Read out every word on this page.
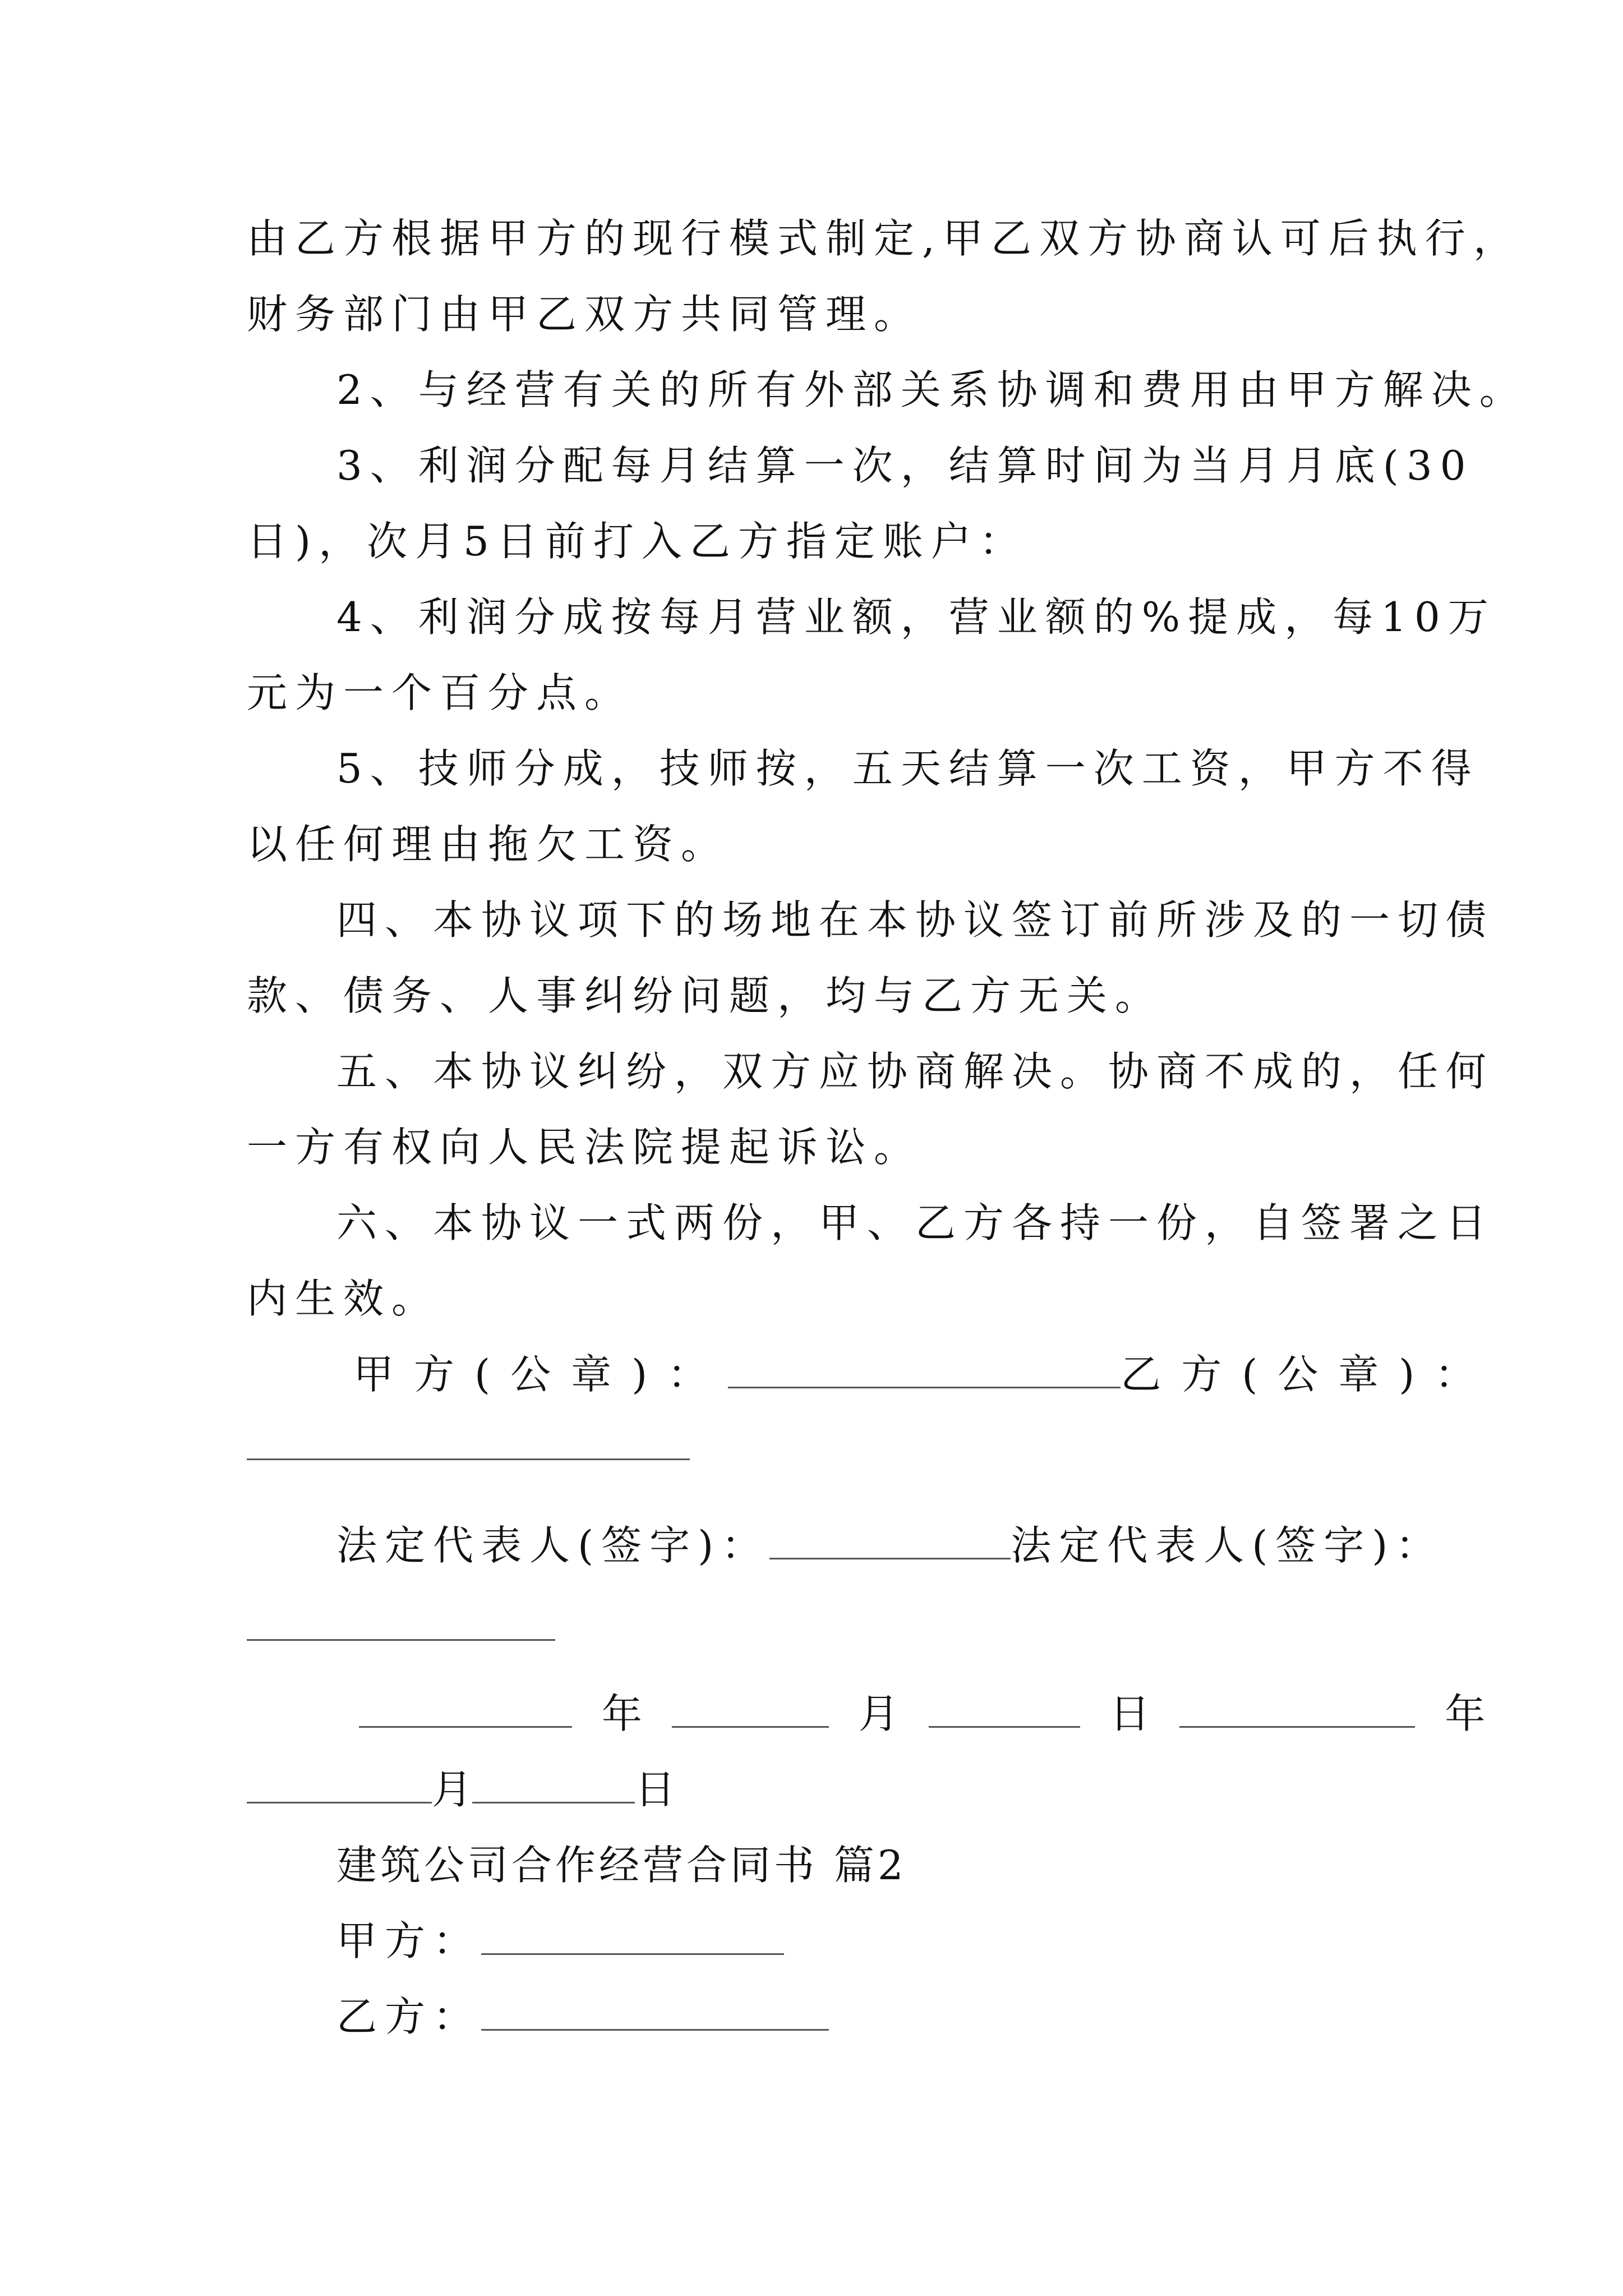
由乙方根据甲方的现行模式制定,甲乙双方协商认可后执行，
财务部门由甲乙双方共同管理。
2、与经营有关的所有外部关系协调和费用由甲方解决。
3、利润分配每月结算一次，结算时间为当月月底(30
日)，次月5日前打入乙方指定账户：
4、利润分成按每月营业额，营业额的%提成，每10万
元为一个百分点。
5、技师分成，技师按，五天结算一次工资，甲方不得
以任何理由拖欠工资。
四、本协议项下的场地在本协议签订前所涉及的一切债
款、债务、人事纠纷问题，均与乙方无关。
五、本协议纠纷，双方应协商解决。协商不成的，任何
一方有权向人民法院提起诉讼。
六、本协议一式两份，甲、乙方各持一份，自签署之日
内生效。
甲方(公章)：	乙方(公章)：
法定代表人(签字)：	法定代表人(签字)：
年	月	日	年
月	日
建筑公司合作经营合同书 篇2
甲方：
乙方：
